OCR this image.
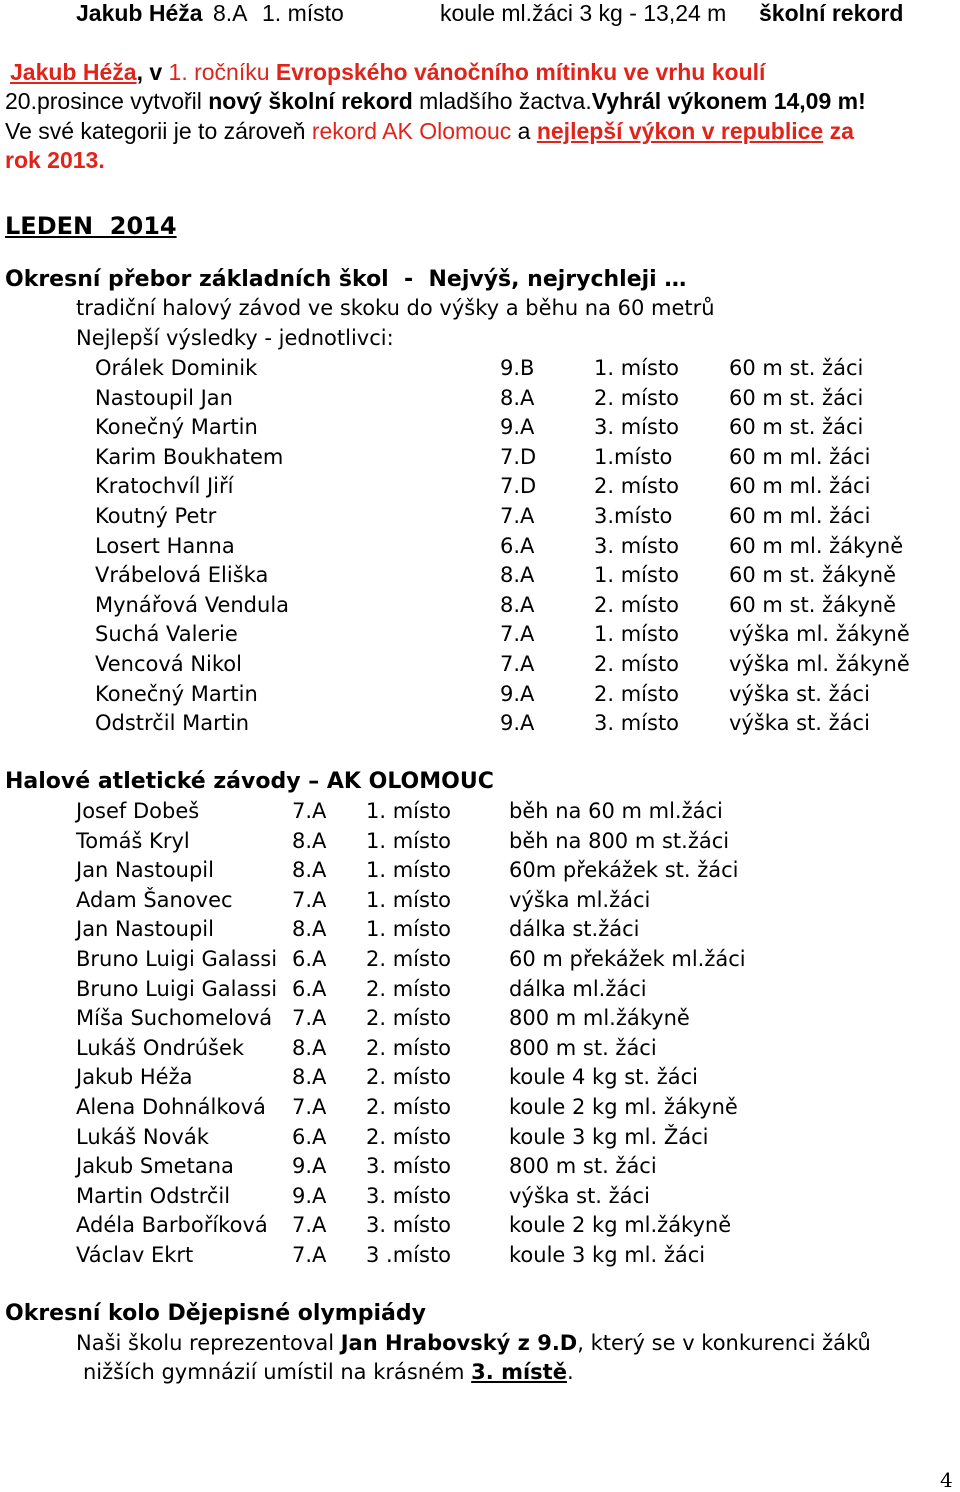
Jakub Héža 8.A 1. místo	koule ml.žáci 3 kg - 13,24 m školní rekord
Jakub Héža, v 1. ročníku Evropského vánočního mítinku ve vrhu koulí
20.prosince vytvořil nový školní rekord mladšího žactva.Vyhrál výkonem 14,09 m!
Ve své kategorii je to zároveň rekord AK Olomouc a nejlepší výkon v republice za
rok 2013.
LEDEN  2014
Okresní přebor základních škol  -  Nejvýš, nejrychleji …
tradiční halový závod ve skoku do výšky a běhu na 60 metrů
Nejlepší výsledky - jednotlivci:
Orálek Dominik	9.B	1. místo 60 m st. žáci
Nastoupil Jan	8.A	2. místo 60 m st. žáci
Konečný Martin	9.A	3. místo 60 m st. žáci
Karim Boukhatem	7.D	1.místo	60 m ml. žáci
Kratochvíl Jiří	7.D	2. místo 60 m ml. žáci
Koutný Petr	7.A	3.místo	60 m ml. žáci
Losert Hanna	6.A	3. místo 60 m ml. žákyně
Vrábelová Eliška	8.A	1. místo 60 m st. žákyně
Mynářová Vendula	8.A	2. místo 60 m st. žákyně
Suchá Valerie	7.A	1. místo výška ml. žákyně
Vencová Nikol	7.A	2. místo výška ml. žákyně
Konečný Martin	9.A	2. místo výška st. žáci
Odstrčil Martin	9.A	3. místo výška st. žáci
Halové atletické závody – AK OLOMOUC
Josef Dobeš	7.A 1. místo	běh na 60 m ml.žáci
Tomáš Kryl	8.A 1. místo	běh na 800 m st.žáci
Jan Nastoupil	8.A 1. místo	60m překážek st. žáci
Adam Šanovec	7.A 1. místo	výška ml.žáci
Jan Nastoupil	8.A 1. místo	dálka st.žáci
Bruno Luigi Galassi 6.A 2. místo	60 m překážek ml.žáci
Bruno Luigi Galassi 6.A 2. místo	dálka ml.žáci
Míša Suchomelová 7.A 2. místo	800 m ml.žákyně
Lukáš Ondrúšek 8.A 2. místo	800 m st. žáci
Jakub Héža	8.A 2. místo	koule 4 kg st. žáci
Alena Dohnálková 7.A 2. místo	koule 2 kg ml. žákyně
Lukáš Novák	6.A 2. místo	koule 3 kg ml. Žáci
Jakub Smetana	9.A 3. místo	800 m st. žáci
Martin Odstrčil	9.A 3. místo	výška st. žáci
Adéla Barboříková 7.A 3. místo	koule 2 kg ml.žákyně
Václav Ekrt	7.A 3 .místo	koule 3 kg ml. žáci
Okresní kolo Dějepisné olympiády
Naši školu reprezentoval Jan Hrabovský z 9.D, který se v konkurenci žáků
nižších gymnázií umístil na krásném 3. místě.
4
